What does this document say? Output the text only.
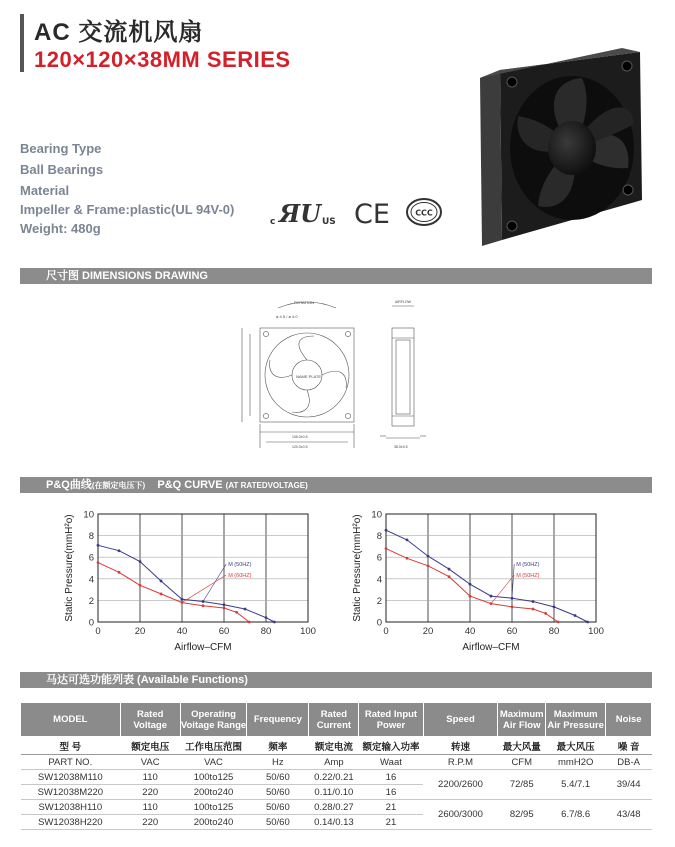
AC 交流机风扇
120×120×38MM SERIES
Bearing Type
Ball Bearings
Material
Impeller & Frame:plastic(UL 94V-0)
Weight: 480g	c ЯU US CE	CCC
尺寸图 DIMENSIONS DRAWING
ROTATION
ø 4.5 / ø 4.0
NAME PLATE
105.0±0.5
120.0±0.5
AIRFLOW
38.0±0.5
P&Q曲线(在额定电压下) P&Q CURVE (AT RATEDVOLTAGE)
0	20	40	60	80	100
0
2
4
6
8
10
Airflow–CFM
Static Pressure(mmH²o)	M (50HZ)
M (60HZ)
0	20	40	60	80	100
0
2
4
6
8
10
Airflow–CFM
Static Pressure(mmH²o)	M (50HZ)
M (50HZ)
马达可选功能列表 (Available Functions)
MODEL	Rated Voltage	Operating Voitage Range	Frequency	Rated Current	Rated Input Power	Speed	Maximum Air Flow	Maximum Air Pressure	Noise
型 号	额定电压	工作电压范围	频率	额定电流	额定输入功率	转速	最大风量	最大风压	噪 音
PART NO.	VAC	VAC	Hz	Amp	Waat	R.P.M	CFM	mmH2O	DB-A
SW12038M110	110	100to125	50/60	0.22/0.21	16	2200/2600	72/85	5.4/7.1	39/44
SW12038M220	220	200to240	50/60	0.11/0.10	16				
SW12038H110	110	100to125	50/60	0.28/0.27	21	2600/3000	82/95	6.7/8.6	43/48
SW12038H220	220	200to240	50/60	0.14/0.13	21				
